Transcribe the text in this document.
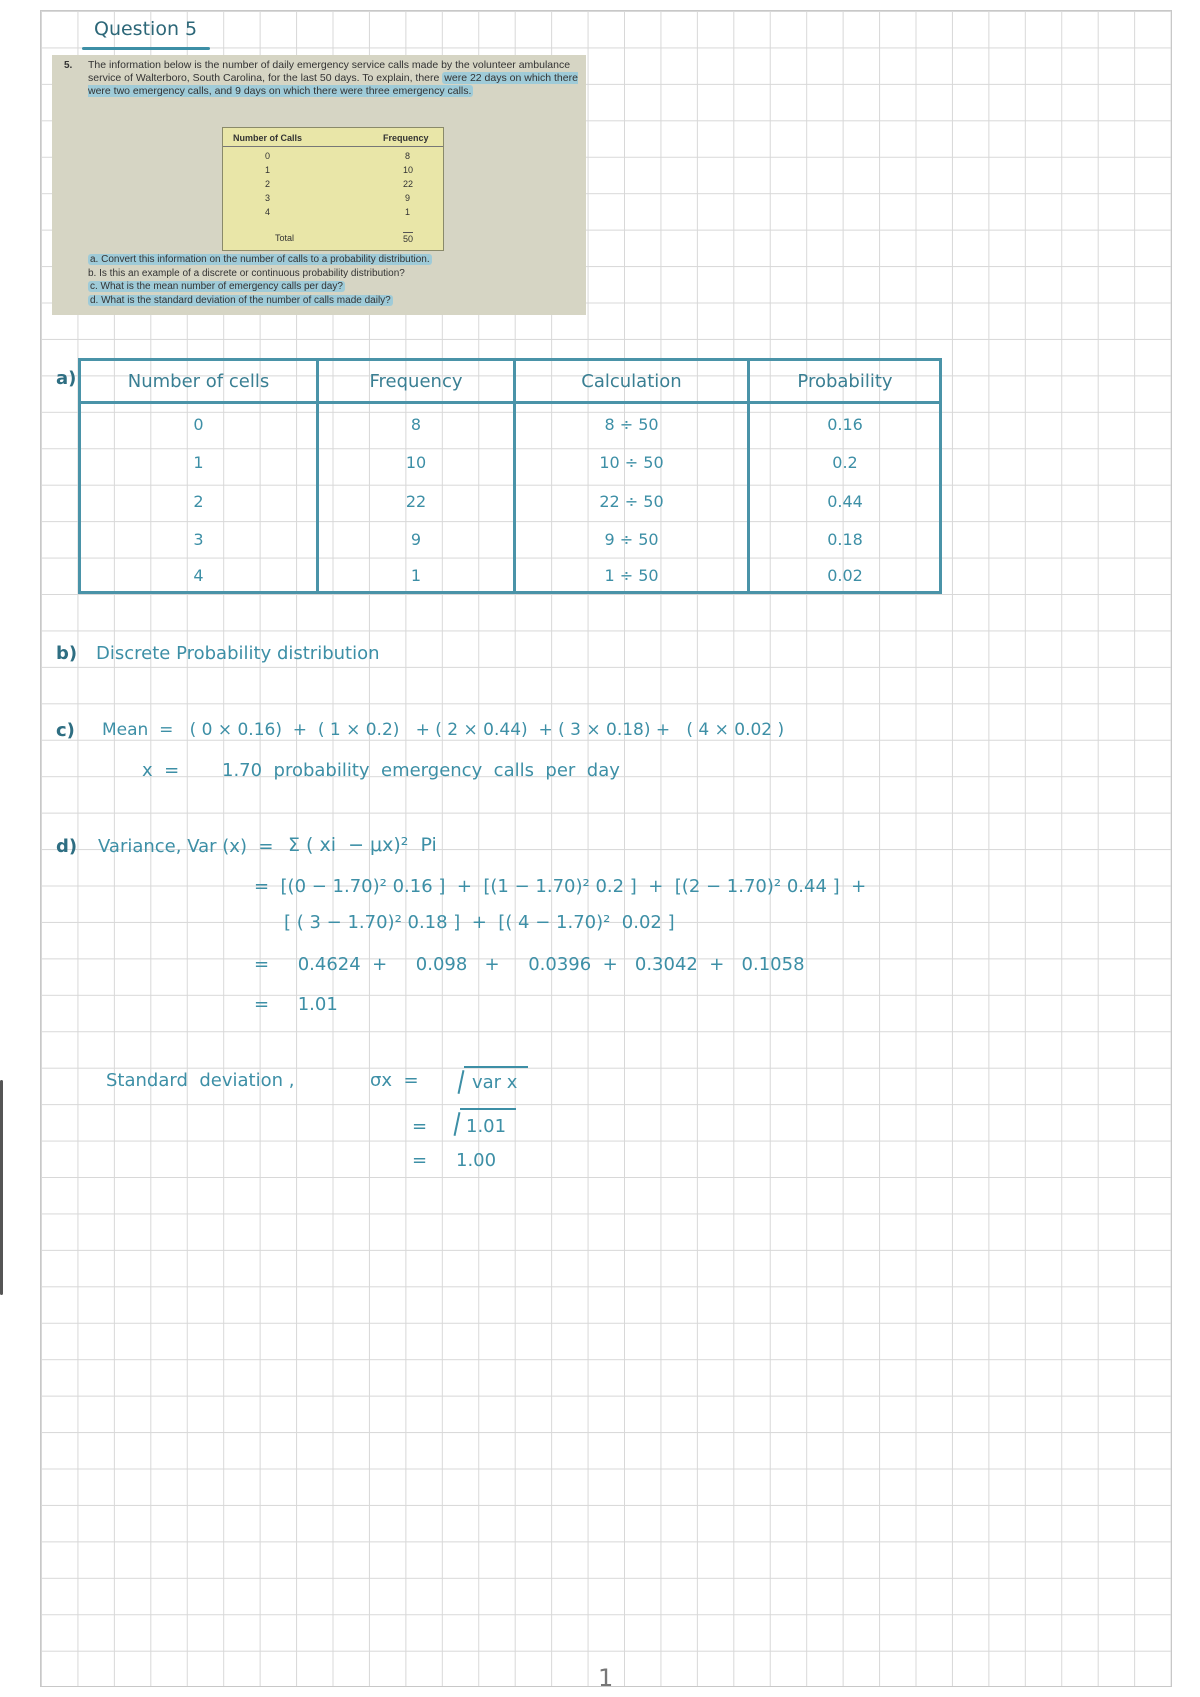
Question 5
5. The information below is the number of daily emergency service calls made by the volunteer ambulance service of Walterboro, South Carolina, for the last 50 days. To explain, there were 22 days on which there were two emergency calls, and 9 days on which there were three emergency calls.
Number of Calls	Frequency
0	8
1	10
2	22
3	9
4	1
Total	50
a. Convert this information on the number of calls to a probability distribution.
b. Is this an example of a discrete or continuous probability distribution?
c. What is the mean number of emergency calls per day?
d. What is the standard deviation of the number of calls made daily?
a)	Number of cells	Frequency	Calculation	Probability
0	8	8 ÷ 50	0.16
1	10	10 ÷ 50	0.2
2	22	22 ÷ 50	0.44
3	9	9 ÷ 50	0.18
4	1	1 ÷ 50	0.02
b) Discrete Probability distribution
c) Mean  =   ( 0 × 0.16)  +  ( 1 × 0.2)   + ( 2 × 0.44)  + ( 3 × 0.18) +   ( 4 × 0.02 )
x  = 1.70  probability  emergency  calls  per  day
d) Variance, Var (x)  = Σ ( xi  − μx)²  Pi
=  [(0 − 1.70)² 0.16 ]  +  [(1 − 1.70)² 0.2 ]  +  [(2 − 1.70)² 0.44 ]  +
[ ( 3 − 1.70)² 0.18 ]  +  [( 4 − 1.70)²  0.02 ]
=     0.4624  +     0.098   +     0.0396  +   0.3042  +   0.1058
=     1.01
Standard  deviation ,	σx  =	var x
= 1.01
= 1.00
1
